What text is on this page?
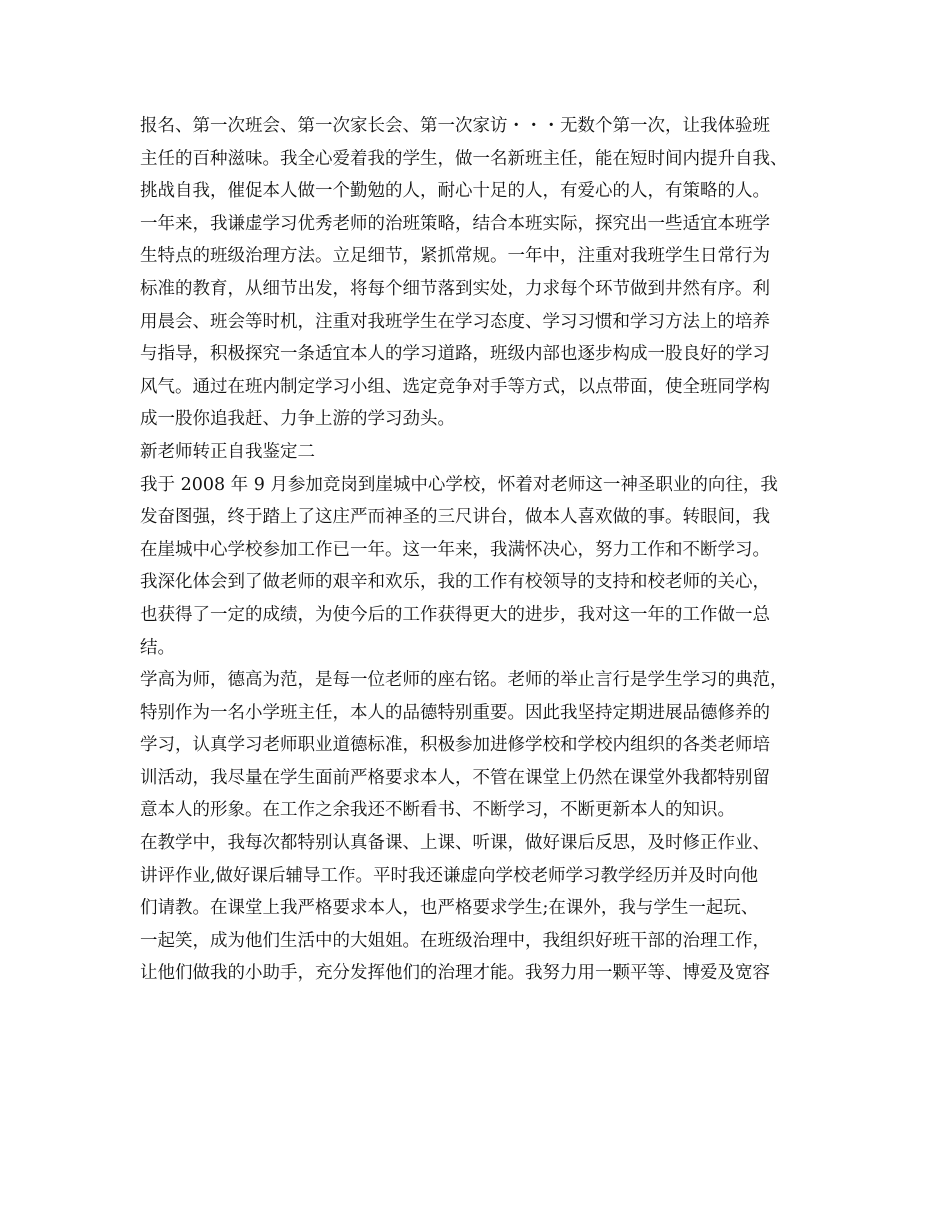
报名、第一次班会、第一次家长会、第一次家访・・・无数个第一次，让我体验班
主任的百种滋味。我全心爱着我的学生，做一名新班主任，能在短时间内提升自我、
挑战自我，催促本人做一个勤勉的人，耐心十足的人，有爱心的人，有策略的人。
一年来，我谦虚学习优秀老师的治班策略，结合本班实际，探究出一些适宜本班学
生特点的班级治理方法。立足细节，紧抓常规。一年中，注重对我班学生日常行为
标准的教育，从细节出发，将每个细节落到实处，力求每个环节做到井然有序。利
用晨会、班会等时机，注重对我班学生在学习态度、学习习惯和学习方法上的培养
与指导，积极探究一条适宜本人的学习道路，班级内部也逐步构成一股良好的学习
风气。通过在班内制定学习小组、选定竞争对手等方式，以点带面，使全班同学构
成一股你追我赶、力争上游的学习劲头。
新老师转正自我鉴定二
我于 2008 年 9 月参加竞岗到崖城中心学校，怀着对老师这一神圣职业的向往，我
发奋图强，终于踏上了这庄严而神圣的三尺讲台，做本人喜欢做的事。转眼间，我
在崖城中心学校参加工作已一年。这一年来，我满怀决心，努力工作和不断学习。
我深化体会到了做老师的艰辛和欢乐，我的工作有校领导的支持和校老师的关心，
也获得了一定的成绩，为使今后的工作获得更大的进步，我对这一年的工作做一总
结。
学高为师，德高为范，是每一位老师的座右铭。老师的举止言行是学生学习的典范，
特别作为一名小学班主任，本人的品德特别重要。因此我坚持定期进展品德修养的
学习，认真学习老师职业道德标准，积极参加进修学校和学校内组织的各类老师培
训活动，我尽量在学生面前严格要求本人，不管在课堂上仍然在课堂外我都特别留
意本人的形象。在工作之余我还不断看书、不断学习，不断更新本人的知识。
在教学中，我每次都特别认真备课、上课、听课，做好课后反思，及时修正作业、
讲评作业,做好课后辅导工作。平时我还谦虚向学校老师学习教学经历并及时向他
们请教。在课堂上我严格要求本人，也严格要求学生;在课外，我与学生一起玩、
一起笑，成为他们生活中的大姐姐。在班级治理中，我组织好班干部的治理工作，
让他们做我的小助手，充分发挥他们的治理才能。我努力用一颗平等、博爱及宽容
